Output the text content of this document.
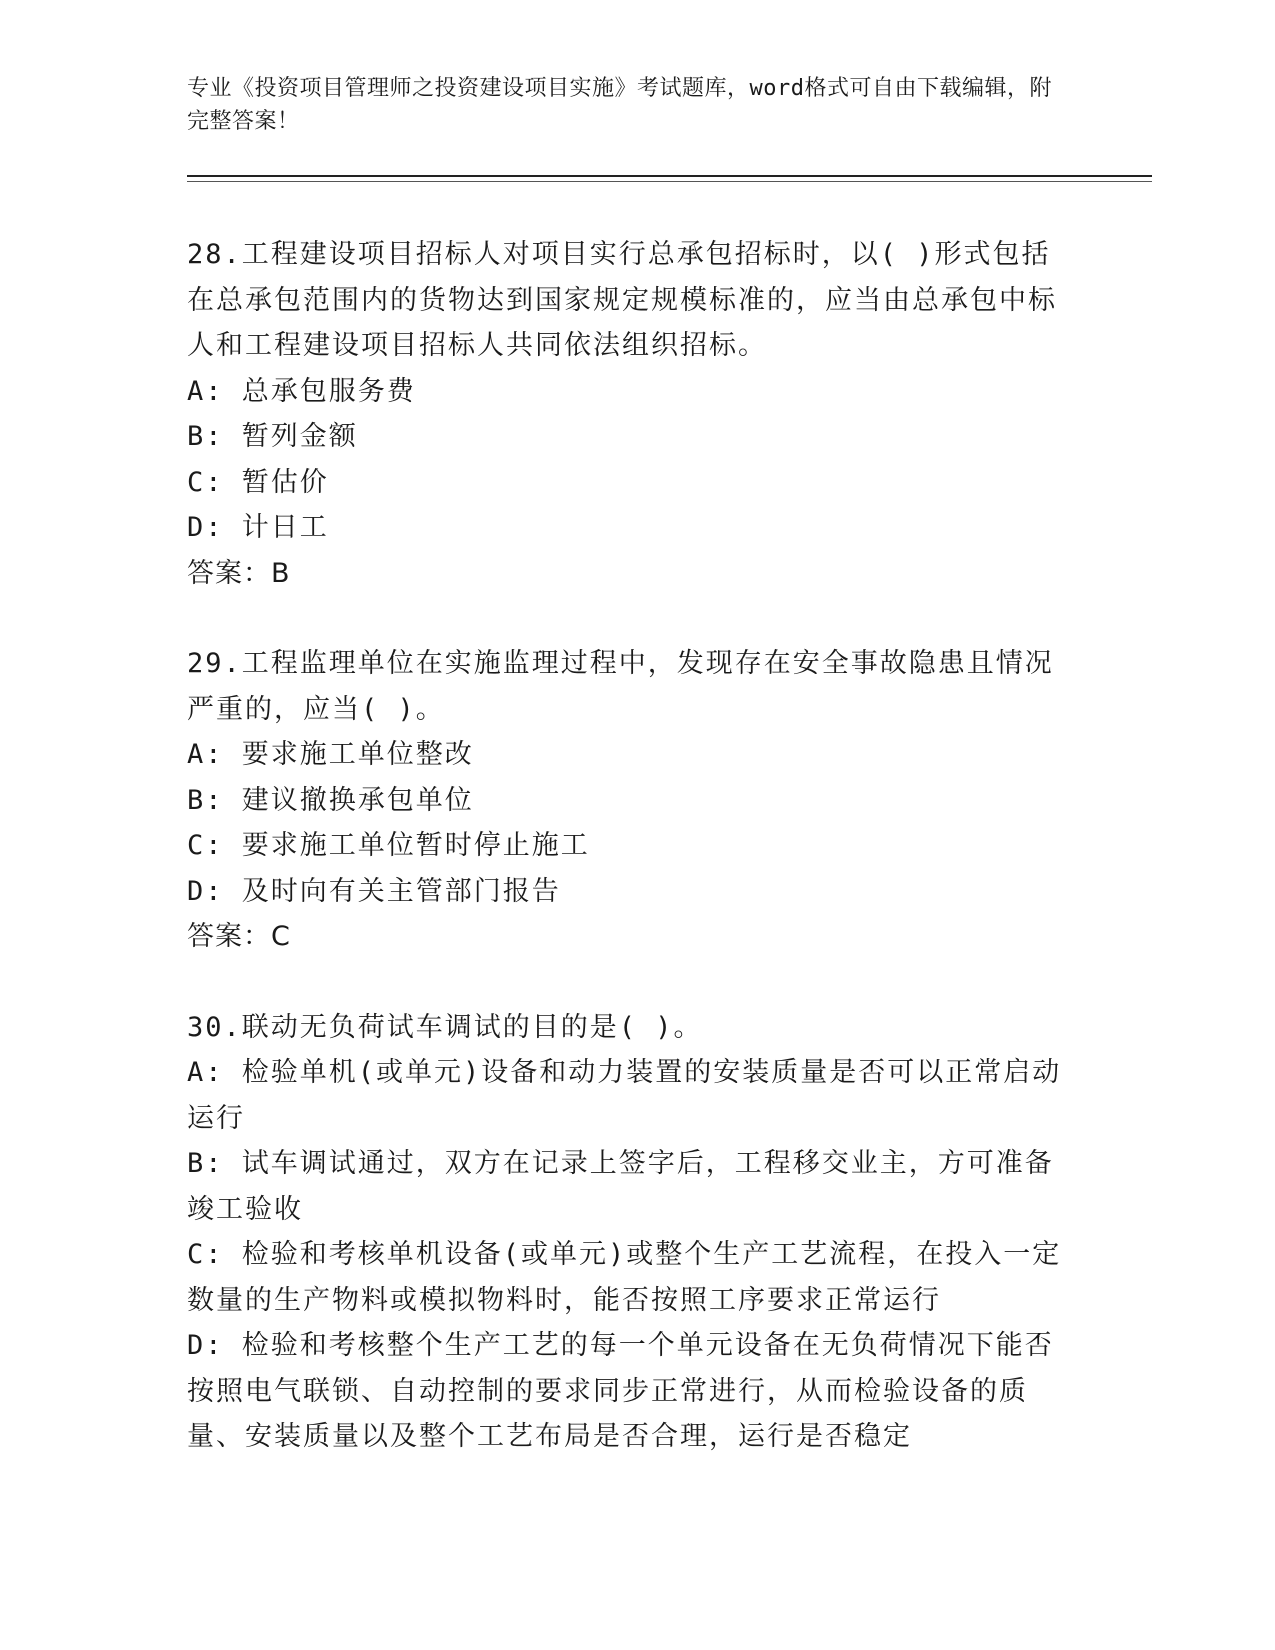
专业《投资项目管理师之投资建设项目实施》考试题库，word格式可自由下载编辑，附完整答案！

28.工程建设项目招标人对项目实行总承包招标时，以( )形式包括在总承包范围内的货物达到国家规定规模标准的，应当由总承包中标人和工程建设项目招标人共同依法组织招标。

A: 总承包服务费

B: 暂列金额

C: 暂估价

D: 计日工

答案：B

29.工程监理单位在实施监理过程中，发现存在安全事故隐患且情况严重的，应当( )。

A: 要求施工单位整改

B: 建议撤换承包单位

C: 要求施工单位暂时停止施工

D: 及时向有关主管部门报告

答案：C

30.联动无负荷试车调试的目的是( )。

A: 检验单机(或单元)设备和动力装置的安装质量是否可以正常启动运行

B: 试车调试通过，双方在记录上签字后，工程移交业主，方可准备竣工验收

C: 检验和考核单机设备(或单元)或整个生产工艺流程，在投入一定数量的生产物料或模拟物料时，能否按照工序要求正常运行

D: 检验和考核整个生产工艺的每一个单元设备在无负荷情况下能否按照电气联锁、自动控制的要求同步正常进行，从而检验设备的质量、安装质量以及整个工艺布局是否合理，运行是否稳定
